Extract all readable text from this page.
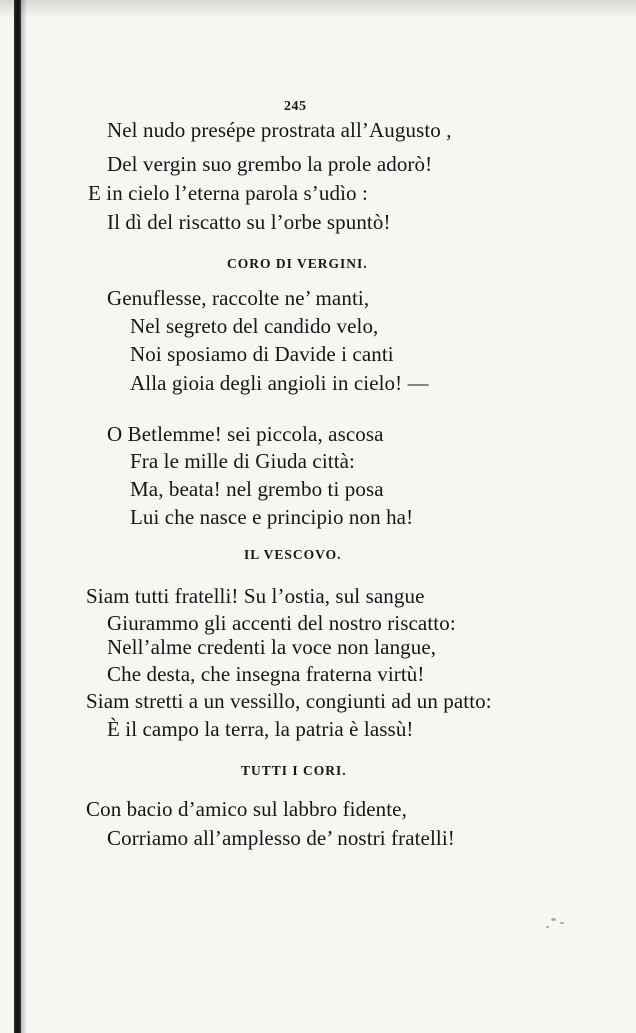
245

Nel nudo presépe prostrata all’Augusto ,

Del vergin suo grembo la prole adorò!

E in cielo l’eterna parola s’udìo :

Il dì del riscatto su l’orbe spuntò!

CORO DI VERGINI.

Genuflesse, raccolte ne’ manti,

Nel segreto del candido velo,

Noi sposiamo di Davide i canti

Alla gioia degli angioli in cielo! —

O Betlemme! sei piccola, ascosa

Fra le mille di Giuda città:

Ma, beata! nel grembo ti posa

Lui che nasce e principio non ha!

IL VESCOVO.

Siam tutti fratelli! Su l’ostia, sul sangue

Giurammo gli accenti del nostro riscatto:

Nell’alme credenti la voce non langue,

Che desta, che insegna fraterna virtù!

Siam stretti a un vessillo, congiunti ad un patto:

È il campo la terra, la patria è lassù!

TUTTI I CORI.

Con bacio d’amico sul labbro fidente,

Corriamo all’amplesso de’ nostri fratelli!
